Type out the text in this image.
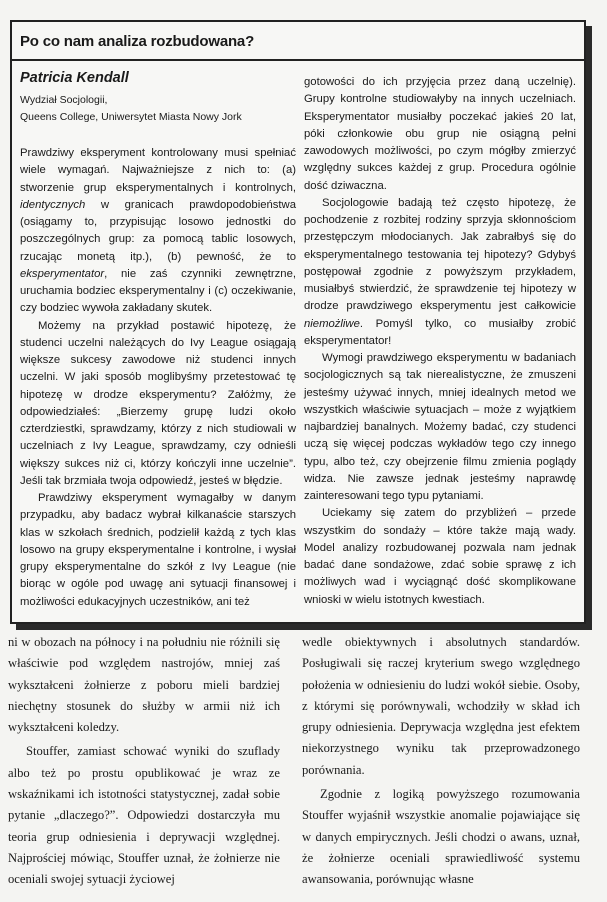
Po co nam analiza rozbudowana?

Patricia Kendall

Wydział Socjologii,

Queens College, Uniwersytet Miasta Nowy Jork

Prawdziwy eksperyment kontrolowany musi spełniać wiele wymagań. Najważniejsze z nich to: (a) stworzenie grup eksperymentalnych i kontrolnych, identycznych w granicach prawdopodobieństwa (osiągamy to, przypisując losowo jednostki do poszczególnych grup: za pomocą tablic losowych, rzucając monetą itp.), (b) pewność, że to eksperymentator, nie zaś czynniki zewnętrzne, uruchamia bodziec eksperymentalny i (c) oczekiwanie, czy bodziec wywoła zakładany skutek.

Możemy na przykład postawić hipotezę, że studenci uczelni należących do Ivy League osiągają większe sukcesy zawodowe niż studenci innych uczelni. W jaki sposób moglibyśmy przetestować tę hipotezę w drodze eksperymentu? Załóżmy, że odpowiedziałeś: „Bierzemy grupę ludzi około czterdziestki, sprawdzamy, którzy z nich studiowali w uczelniach z Ivy League, sprawdzamy, czy odnieśli większy sukces niż ci, którzy kończyli inne uczelnie”. Jeśli tak brzmiała twoja odpowiedź, jesteś w błędzie.

Prawdziwy eksperyment wymagałby w danym przypadku, aby badacz wybrał kilkanaście starszych klas w szkołach średnich, podzielił każdą z tych klas losowo na grupy eksperymentalne i kontrolne, i wysłał grupy eksperymentalne do szkół z Ivy League (nie biorąc w ogóle pod uwagę ani sytuacji finansowej i możliwości edukacyjnych uczestników, ani też

gotowości do ich przyjęcia przez daną uczelnię). Grupy kontrolne studiowałyby na innych uczelniach. Eksperymentator musiałby poczekać jakieś 20 lat, póki członkowie obu grup nie osiągną pełni zawodowych możliwości, po czym mógłby zmierzyć względny sukces każdej z grup. Procedura ogólnie dość dziwaczna.

Socjologowie badają też często hipotezę, że pochodzenie z rozbitej rodziny sprzyja skłonnościom przestępczym młodocianych. Jak zabrałbyś się do eksperymentalnego testowania tej hipotezy? Gdybyś postępował zgodnie z powyższym przykładem, musiałbyś stwierdzić, że sprawdzenie tej hipotezy w drodze prawdziwego eksperymentu jest całkowicie niemożliwe. Pomyśl tylko, co musiałby zrobić eksperymentator!

Wymogi prawdziwego eksperymentu w badaniach socjologicznych są tak nierealistyczne, że zmuszeni jesteśmy używać innych, mniej idealnych metod we wszystkich właściwie sytuacjach – może z wyjątkiem najbardziej banalnych. Możemy badać, czy studenci uczą się więcej podczas wykładów tego czy innego typu, albo też, czy obejrzenie filmu zmienia poglądy widza. Nie zawsze jednak jesteśmy naprawdę zainteresowani tego typu pytaniami.

Uciekamy się zatem do przybliżeń – przede wszystkim do sondaży – które także mają wady. Model analizy rozbudowanej pozwala nam jednak badać dane sondażowe, zdać sobie sprawę z ich możliwych wad i wyciągnąć dość skomplikowane wnioski w wielu istotnych kwestiach.

ni w obozach na północy i na południu nie różnili się właściwie pod względem nastrojów, mniej zaś wykształceni żołnierze z poboru mieli bardziej niechętny stosunek do służby w armii niż ich wykształceni koledzy.

Stouffer, zamiast schować wyniki do szuflady albo też po prostu opublikować je wraz ze wskaźnikami ich istotności statystycznej, zadał sobie pytanie „dlaczego?”. Odpowiedzi dostarczyła mu teoria grup odniesienia i deprywacji względnej. Najprościej mówiąc, Stouffer uznał, że żołnierze nie oceniali swojej sytuacji życiowej

wedle obiektywnych i absolutnych standardów. Posługiwali się raczej kryterium swego względnego położenia w odniesieniu do ludzi wokół siebie. Osoby, z którymi się porównywali, wchodziły w skład ich grupy odniesienia. Deprywacja względna jest efektem niekorzystnego wyniku tak przeprowadzonego porównania.

Zgodnie z logiką powyższego rozumowania Stouffer wyjaśnił wszystkie anomalie pojawiające się w danych empirycznych. Jeśli chodzi o awans, uznał, że żołnierze oceniali sprawiedliwość systemu awansowania, porównując własne
